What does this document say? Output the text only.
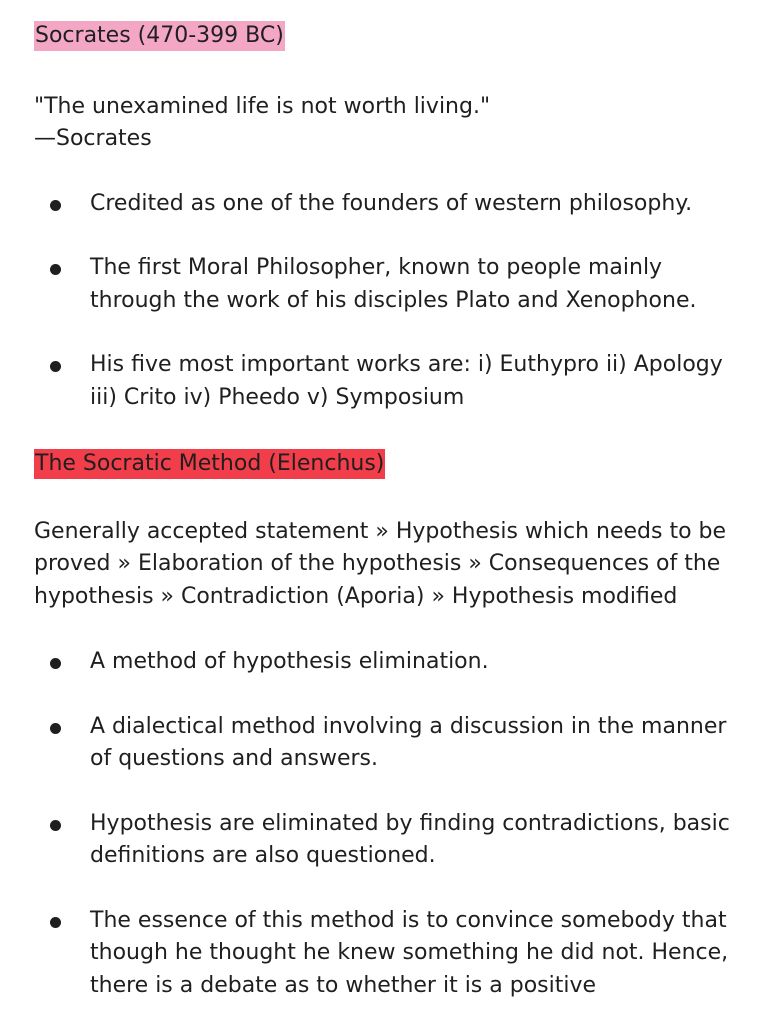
Socrates (470-399 BC)
"The unexamined life is not worth living."
—Socrates
Credited as one of the founders of western philosophy.
The first Moral Philosopher, known to people mainly through the work of his disciples Plato and Xenophone.
His five most important works are: i) Euthypro ii) Apology iii) Crito iv) Pheedo v) Symposium
The Socratic Method (Elenchus)
Generally accepted statement » Hypothesis which needs to be proved » Elaboration of the hypothesis » Consequences of the hypothesis » Contradiction (Aporia) » Hypothesis modified
A method of hypothesis elimination.
A dialectical method involving a discussion in the manner of questions and answers.
Hypothesis are eliminated by finding contradictions, basic definitions are also questioned.
The essence of this method is to convince somebody that though he thought he knew something he did not. Hence, there is a debate as to whether it is a positive
